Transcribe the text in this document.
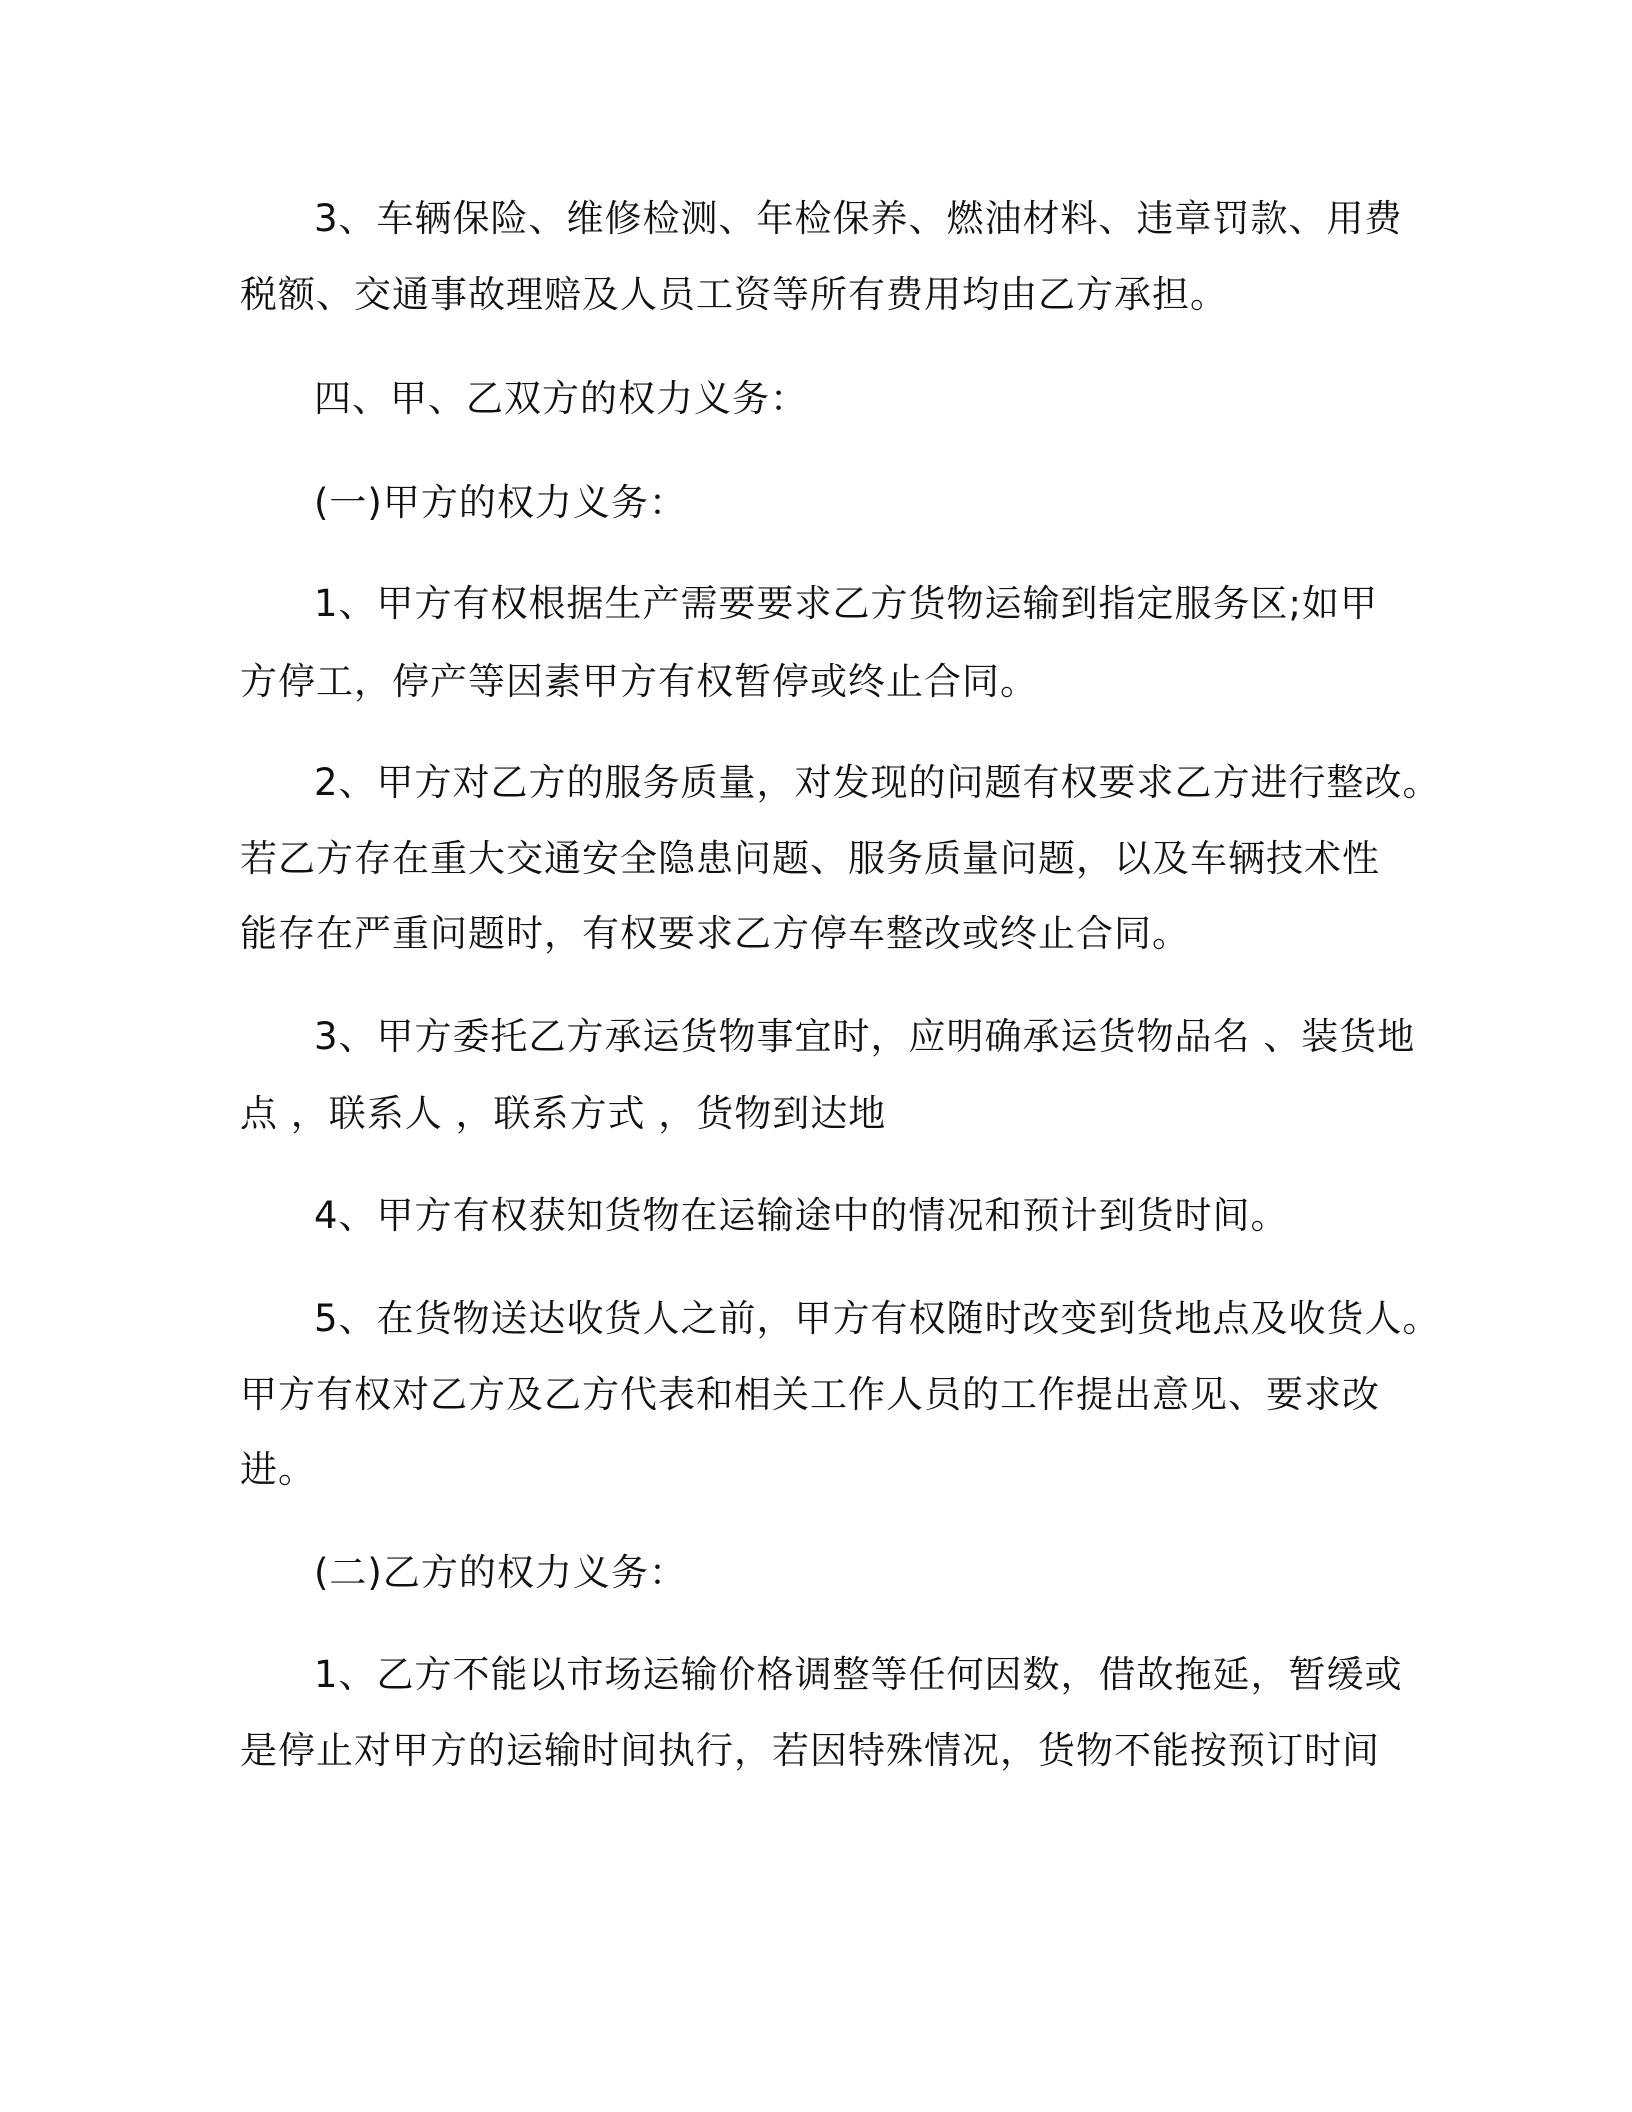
3、车辆保险、维修检测、年检保养、燃油材料、违章罚款、用费
税额、交通事故理赔及人员工资等所有费用均由乙方承担。
四、甲、乙双方的权力义务：
(一)甲方的权力义务：
1、甲方有权根据生产需要要求乙方货物运输到指定服务区;如甲
方停工，停产等因素甲方有权暂停或终止合同。
2、甲方对乙方的服务质量，对发现的问题有权要求乙方进行整改。
若乙方存在重大交通安全隐患问题、服务质量问题，以及车辆技术性
能存在严重问题时，有权要求乙方停车整改或终止合同。
3、甲方委托乙方承运货物事宜时，应明确承运货物品名 、装货地
点 ，联系人 ，联系方式 ，货物到达地
4、甲方有权获知货物在运输途中的情况和预计到货时间。
5、在货物送达收货人之前，甲方有权随时改变到货地点及收货人。
甲方有权对乙方及乙方代表和相关工作人员的工作提出意见、要求改
进。
(二)乙方的权力义务：
1、乙方不能以市场运输价格调整等任何因数，借故拖延，暂缓或
是停止对甲方的运输时间执行，若因特殊情况，货物不能按预订时间
